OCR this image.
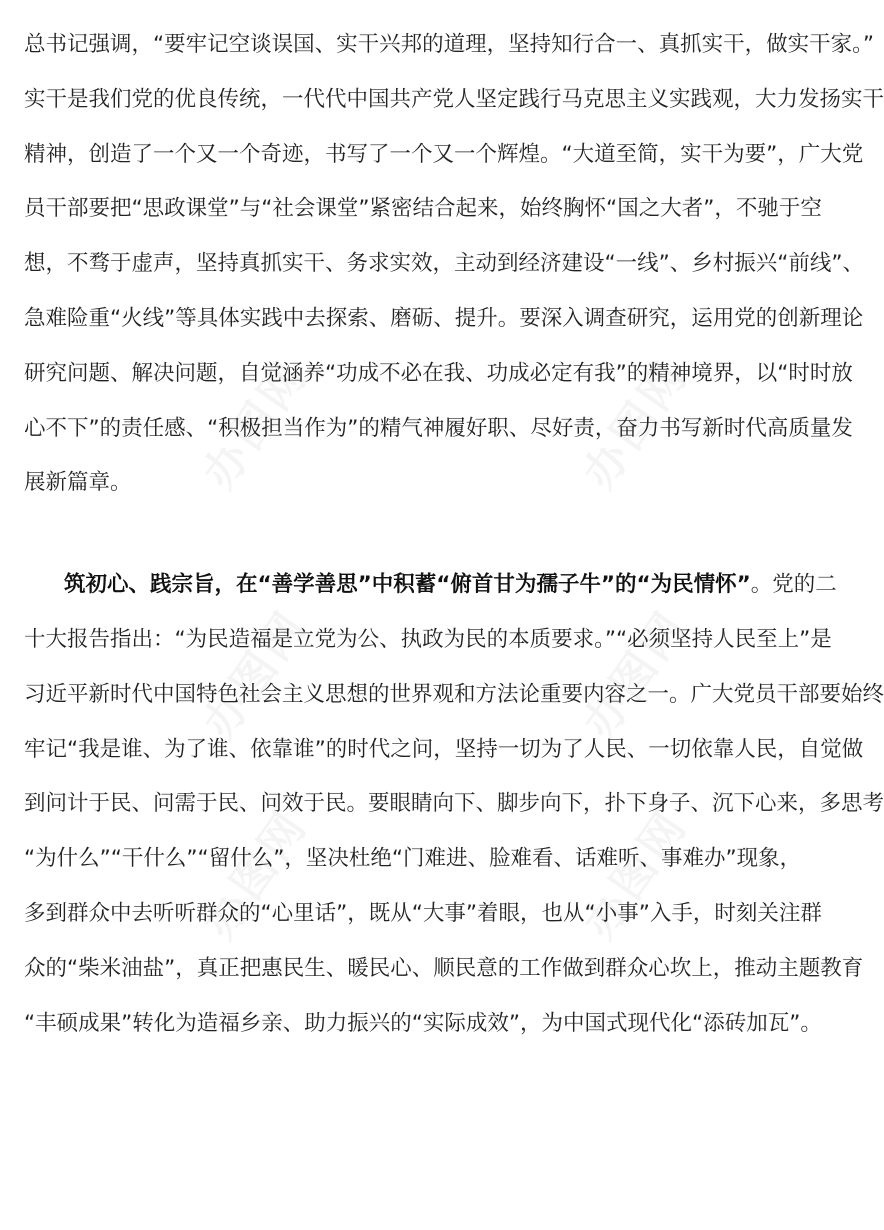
总书记强调，“要牢记空谈误国、实干兴邦的道理，坚持知行合一、真抓实干，做实干家。”
实干是我们党的优良传统，一代代中国共产党人坚定践行马克思主义实践观，大力发扬实干
精神，创造了一个又一个奇迹，书写了一个又一个辉煌。“大道至简，实干为要”，广大党
员干部要把“思政课堂”与“社会课堂”紧密结合起来，始终胸怀“国之大者”，不驰于空
想，不骛于虚声，坚持真抓实干、务求实效，主动到经济建设“一线”、乡村振兴“前线”、
急难险重“火线”等具体实践中去探索、磨砺、提升。要深入调查研究，运用党的创新理论
研究问题、解决问题，自觉涵养“功成不必在我、功成必定有我”的精神境界，以“时时放
心不下”的责任感、“积极担当作为”的精气神履好职、尽好责，奋力书写新时代高质量发
展新篇章。
筑初心、践宗旨，在“善学善思”中积蓄“俯首甘为孺子牛”的“为民情怀”。党的二
十大报告指出：“为民造福是立党为公、执政为民的本质要求。”“必须坚持人民至上”是
习近平新时代中国特色社会主义思想的世界观和方法论重要内容之一。广大党员干部要始终
牢记“我是谁、为了谁、依靠谁”的时代之问，坚持一切为了人民、一切依靠人民，自觉做
到问计于民、问需于民、问效于民。要眼睛向下、脚步向下，扑下身子、沉下心来，多思考
“为什么”“干什么”“留什么”，坚决杜绝“门难进、脸难看、话难听、事难办”现象，
多到群众中去听听群众的“心里话”，既从“大事”着眼，也从“小事”入手，时刻关注群
众的“柴米油盐”，真正把惠民生、暖民心、顺民意的工作做到群众心坎上，推动主题教育
“丰硕成果”转化为造福乡亲、助力振兴的“实际成效”，为中国式现代化“添砖加瓦”。
